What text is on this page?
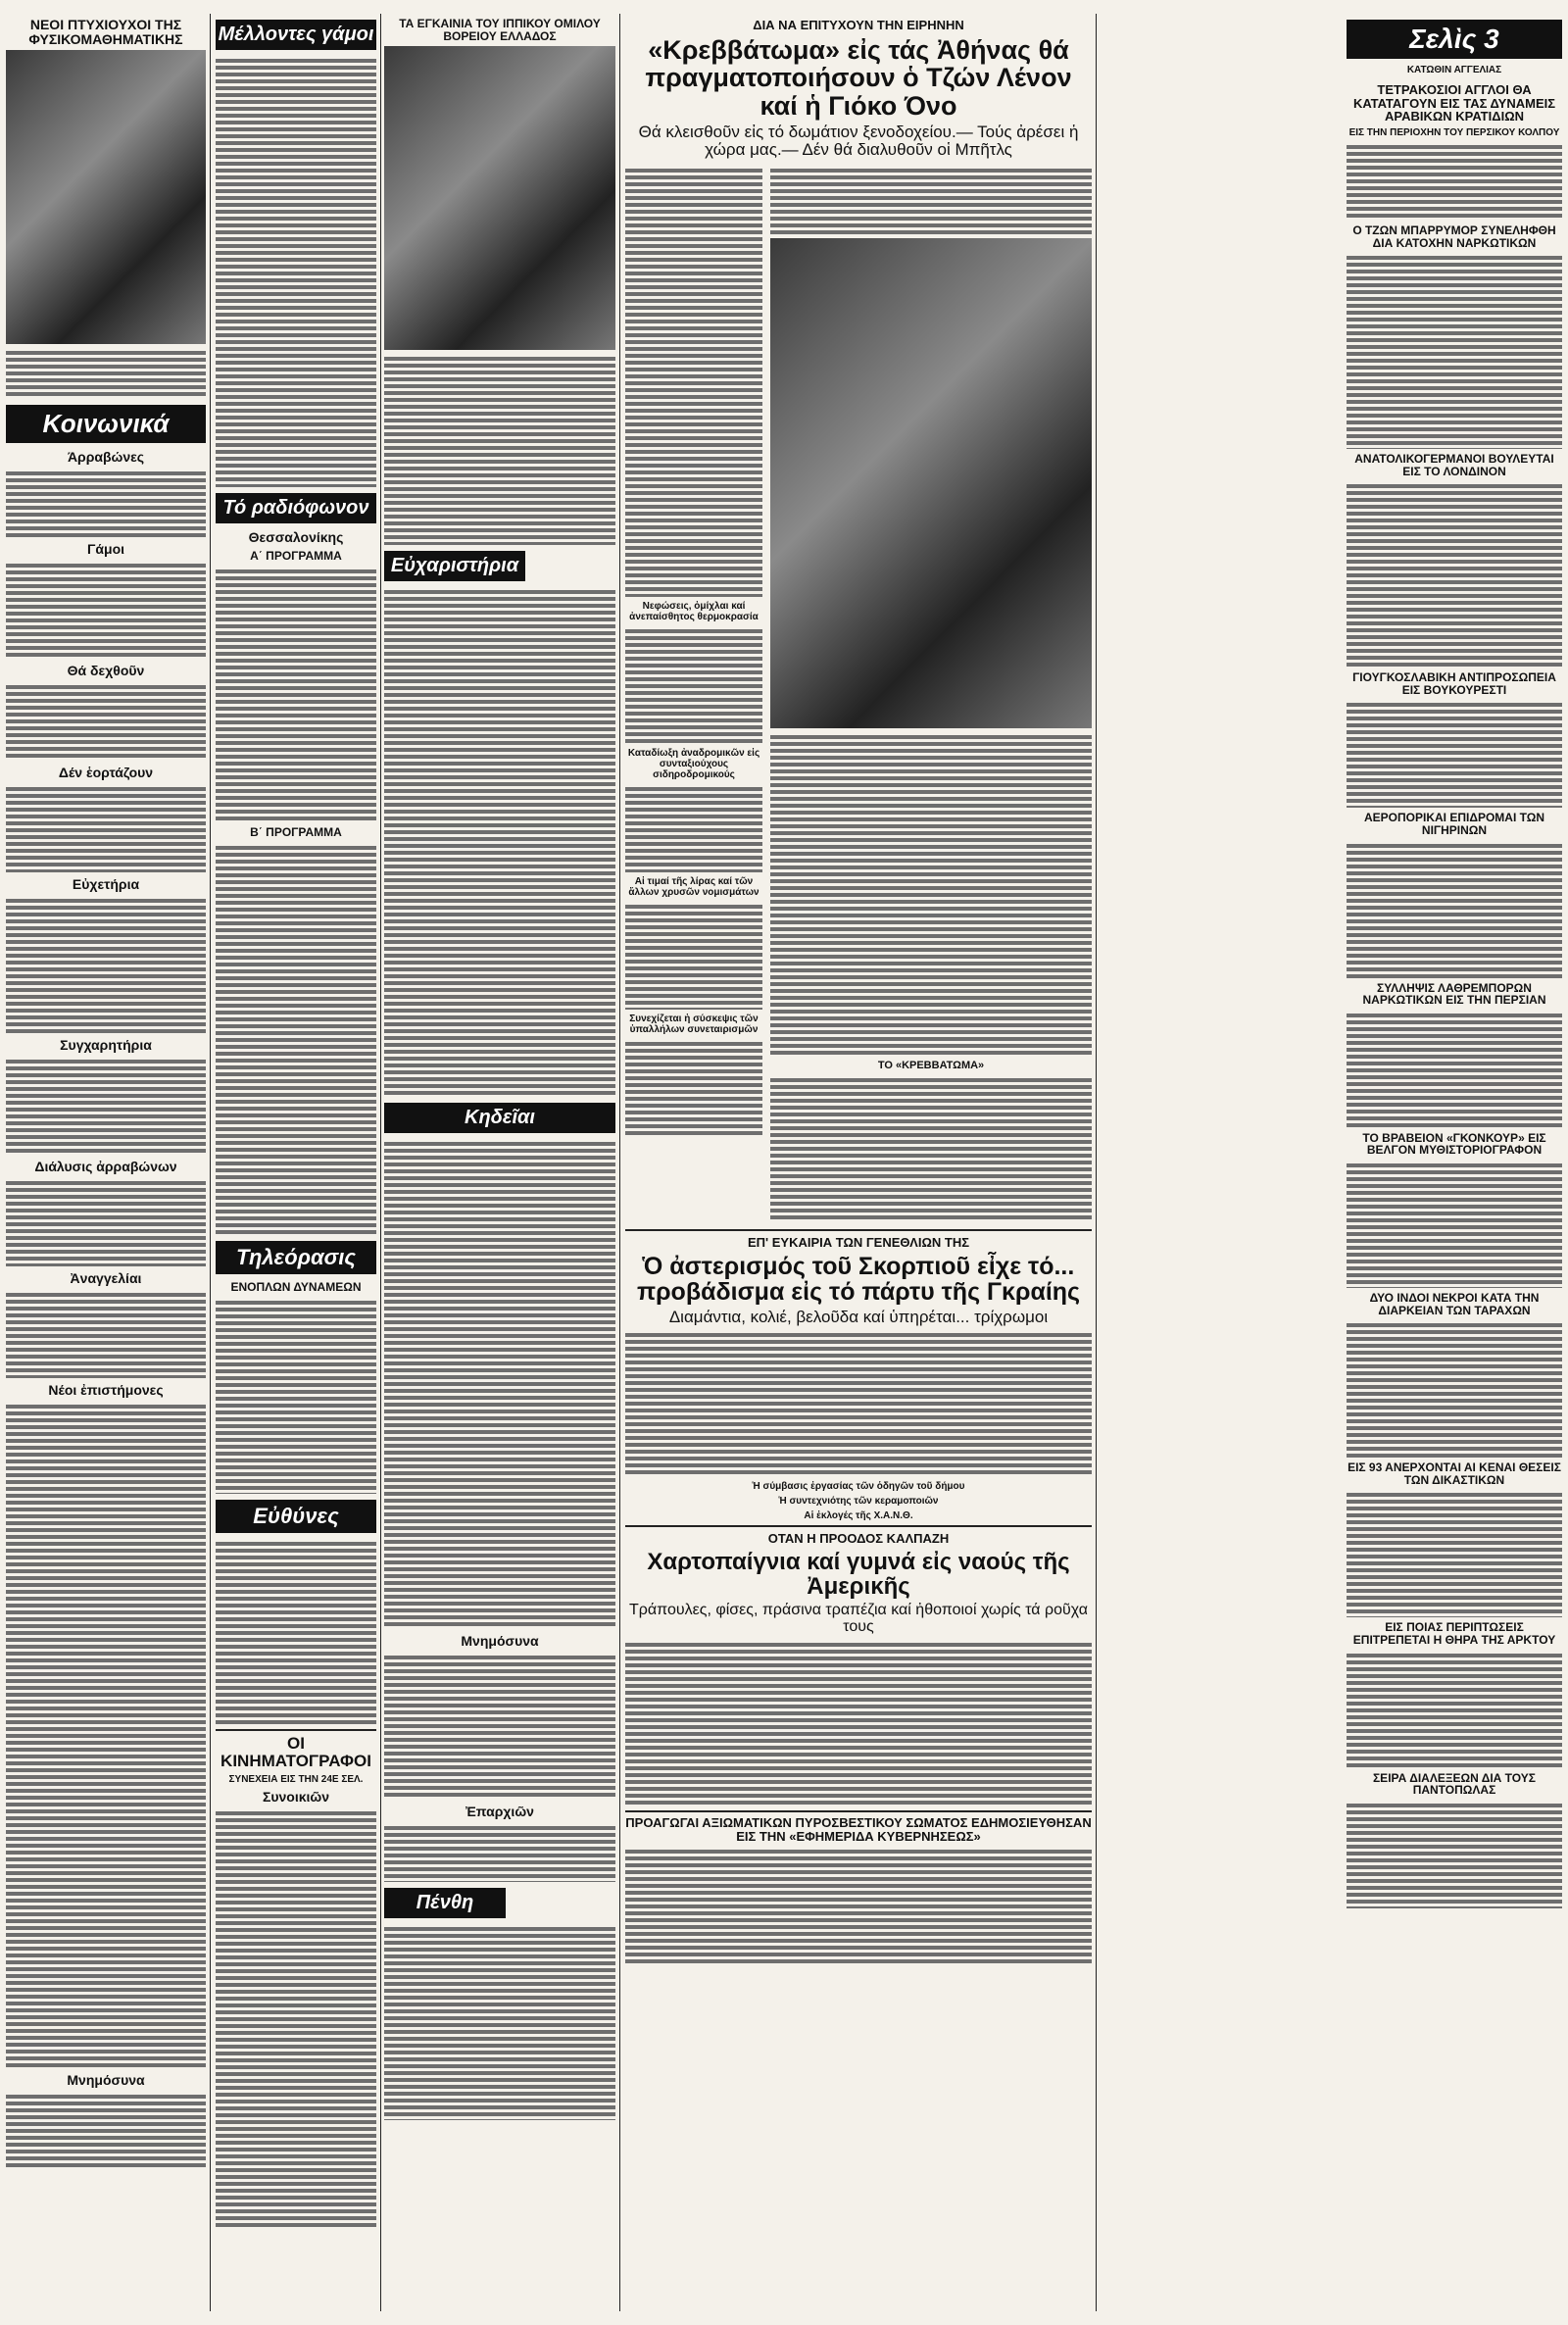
ΝΕΟΙ ΠΤΥΧΙΟΥΧΟΙ ΤΗΣ ΦΥΣΙΚΟΜΑΘΗΜΑΤΙΚΗΣ
Κοινωνικά
Άρραβώνες
Γάμοι
Θά δεχθοῦν
Δέν ἑορτάζουν
Εὐχετήρια
Συγχαρητήρια
Διάλυσις ἀρραβώνων
Ἀναγγελίαι
Νέοι ἐπιστήμονες
Μνημόσυνα
Μέλλοντες γάμοι
Τό ραδιόφωνον
Θεσσαλονίκης
Α΄ ΠΡΟΓΡΑΜΜΑ
Β΄ ΠΡΟΓΡΑΜΜΑ
Τηλεόρασις
ΕΝΟΠΛΩΝ ΔΥΝΑΜΕΩΝ
Εὐθύνες
ΟΙ ΚΙΝΗΜΑΤΟΓΡΑΦΟΙ
ΣΥΝΕΧΕΙΑ ΕΙΣ ΤΗΝ 24Ε ΣΕΛ.
Συνοικιῶν
ΤΑ ΕΓΚΑΙΝΙΑ ΤΟΥ ΙΠΠΙΚΟΥ ΟΜΙΛΟΥ ΒΟΡΕΙΟΥ ΕΛΛΑΔΟΣ
Εὐχαριστήρια
Κηδεῖαι
Μνημόσυνα
Ἐπαρχιῶν
Πένθη
ΔΙΑ ΝΑ ΕΠΙΤΥΧΟΥΝ ΤΗΝ ΕΙΡΗΝΗΝ
«Κρεββάτωμα» εἰς τάς Ἀθήνας θά πραγματοποιήσουν ὁ Τζών Λένον καί ἡ Γιόκο Όνο
Θά κλεισθοῦν εἰς τό δωμάτιον ξενοδοχείου.— Τούς ἀρέσει ἡ χώρα μας.— Δέν θά διαλυθοῦν οἱ Μπῆτλς
Νεφώσεις, ὀμίχλαι καί ἀνεπαίσθητος θερμοκρασία
Καταδίωξη ἀναδρομικῶν εἰς συνταξιούχους σιδηροδρομικούς
Αἱ τιμαί τῆς λίρας καί τῶν ἄλλων χρυσῶν νομισμάτων
Συνεχίζεται ἡ σύσκεψις τῶν ὑπαλλήλων συνεταιρισμῶν
ΤΟ «ΚΡΕΒΒΑΤΩΜΑ»
ΕΠ' ΕΥΚΑΙΡΙΑ ΤΩΝ ΓΕΝΕΘΛΙΩΝ ΤΗΣ
Ὁ ἀστερισμός τοῦ Σκορπιοῦ εἶχε τό... προβάδισμα εἰς τό πάρτυ τῆς Γκραίης
Διαμάντια, κολιέ, βελοῦδα καί ὑπηρέται... τρίχρωμοι
Ἡ σύμβασις ἐργασίας τῶν ὁδηγῶν τοῦ δήμου
Ἡ συντεχνιότης τῶν κεραμοποιῶν
Αἱ ἐκλογές τῆς Χ.Α.Ν.Θ.
ΟΤΑΝ Η ΠΡΟΟΔΟΣ ΚΑΛΠΑΖΗ
Χαρτοπαίγνια καί γυμνά εἰς ναούς τῆς Ἀμερικῆς
Τράπουλες, φίσες, πράσινα τραπέζια καί ἠθοποιοί χωρίς τά ροῦχα τους
ΠΡΟΑΓΩΓΑΙ ΑΞΙΩΜΑΤΙΚΩΝ ΠΥΡΟΣΒΕΣΤΙΚΟΥ ΣΩΜΑΤΟΣ ΕΔΗΜΟΣΙΕΥΘΗΣΑΝ ΕΙΣ ΤΗΝ «ΕΦΗΜΕΡΙΔΑ ΚΥΒΕΡΝΗΣΕΩΣ»
Σελὶς 3
ΚΑΤΩΘΙΝ ΑΓΓΕΛΙΑΣ
ΤΕΤΡΑΚΟΣΙΟΙ ΑΓΓΛΟΙ ΘΑ ΚΑΤΑΤΑΓΟΥΝ ΕΙΣ ΤΑΣ ΔΥΝΑΜΕΙΣ ΑΡΑΒΙΚΩΝ ΚΡΑΤΙΔΙΩΝ
ΕΙΣ ΤΗΝ ΠΕΡΙΟΧΗΝ ΤΟΥ ΠΕΡΣΙΚΟΥ ΚΟΛΠΟΥ
Ο ΤΖΩΝ ΜΠΑΡΡΥΜΟΡ ΣΥΝΕΛΗΦΘΗ ΔΙΑ ΚΑΤΟΧΗΝ ΝΑΡΚΩΤΙΚΩΝ
ΑΝΑΤΟΛΙΚΟΓΕΡΜΑΝΟΙ ΒΟΥΛΕΥΤΑΙ ΕΙΣ ΤΟ ΛΟΝΔΙΝΟΝ
ΓΙΟΥΓΚΟΣΛΑΒΙΚΗ ΑΝΤΙΠΡΟΣΩΠΕΙΑ ΕΙΣ ΒΟΥΚΟΥΡΕΣΤΙ
ΑΕΡΟΠΟΡΙΚΑΙ ΕΠΙΔΡΟΜΑΙ ΤΩΝ ΝΙΓΗΡΙΝΩΝ
ΣΥΛΛΗΨΙΣ ΛΑΘΡΕΜΠΟΡΩΝ ΝΑΡΚΩΤΙΚΩΝ ΕΙΣ ΤΗΝ ΠΕΡΣΙΑΝ
ΤΟ ΒΡΑΒΕΙΟΝ «ΓΚΟΝΚΟΥΡ» ΕΙΣ ΒΕΛΓΟΝ ΜΥΘΙΣΤΟΡΙΟΓΡΑΦΟΝ
ΔΥΟ ΙΝΔΟΙ ΝΕΚΡΟΙ ΚΑΤΑ ΤΗΝ ΔΙΑΡΚΕΙΑΝ ΤΩΝ ΤΑΡΑΧΩΝ
ΕΙΣ 93 ΑΝΕΡΧΟΝΤΑΙ ΑΙ ΚΕΝΑΙ ΘΕΣΕΙΣ ΤΩΝ ΔΙΚΑΣΤΙΚΩΝ
ΕΙΣ ΠΟΙΑΣ ΠΕΡΙΠΤΩΣΕΙΣ ΕΠΙΤΡΕΠΕΤΑΙ Η ΘΗΡΑ ΤΗΣ ΑΡΚΤΟΥ
ΣΕΙΡΑ ΔΙΑΛΕΞΕΩΝ ΔΙΑ ΤΟΥΣ ΠΑΝΤΟΠΩΛΑΣ
